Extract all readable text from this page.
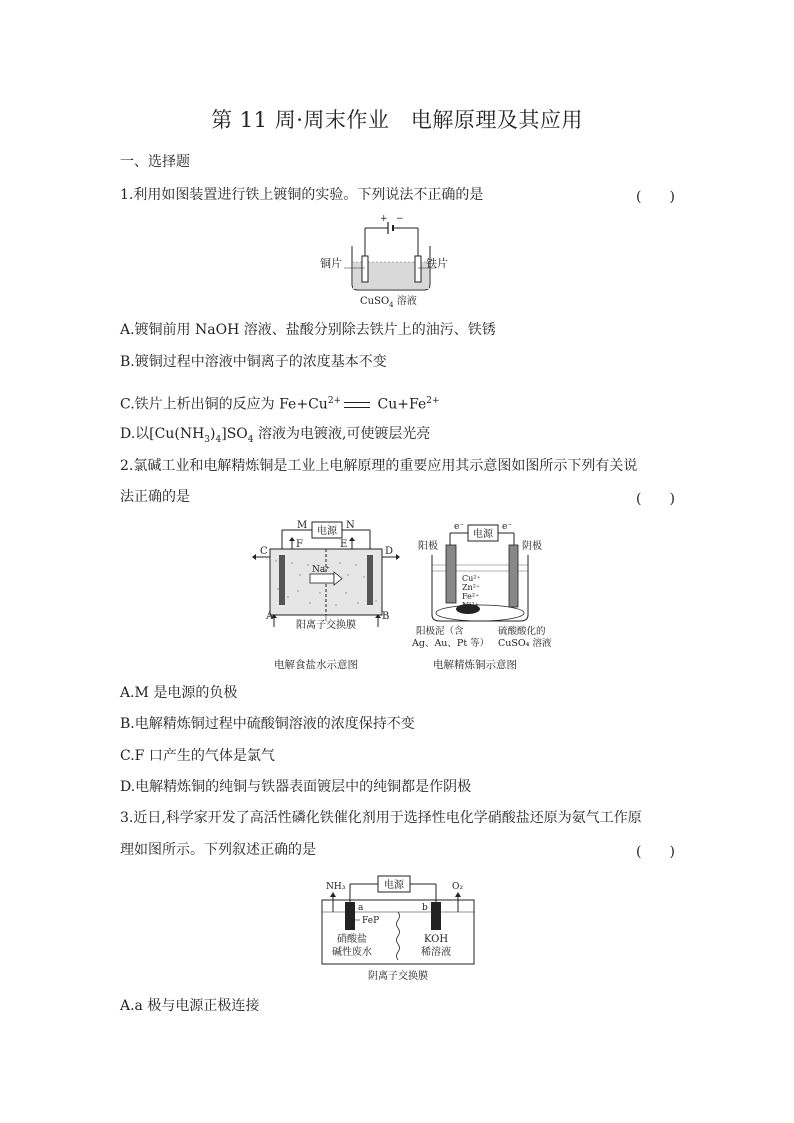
第 11 周·周末作业　电解原理及其应用
一、选择题
1.利用如图装置进行铁上镀铜的实验。下列说法不正确的是	(　　)
+ −
铜片	铁片
CuSO$_4$ 溶液
A.镀铜前用 NaOH 溶液、盐酸分别除去铁片上的油污、铁锈
B.镀铜过程中溶液中铜离子的浓度基本不变
C.铁片上析出铜的反应为 $Fe+Cu^{2+}$ $Cu+Fe^{2+}$
D.以$[Cu(NH_3)_4]SO_4$ 溶液为电镀液,可使镀层光亮
2.氯碱工业和电解精炼铜是工业上电解原理的重要应用其示意图如图所示下列有关说
法正确的是	(　　)
电源
M	N
C	D
F	E
Na⁺
A	B
阳离子交换膜
电解食盐水示意图
电源
e⁻	e⁻
阳极	阴极
Cu²⁺
Zn²⁺
Fe²⁺
Ni²⁺
阳极泥（含
Ag、Au、Pt 等）
硫酸酸化的
CuSO₄ 溶液
电解精炼铜示意图
A.M 是电源的负极
B.电解精炼铜过程中硫酸铜溶液的浓度保持不变
C.F 口产生的气体是氯气
D.电解精炼铜的纯铜与铁器表面镀层中的纯铜都是作阴极
3.近日,科学家开发了高活性磷化铁催化剂用于选择性电化学硝酸盐还原为氨气工作原
理如图所示。下列叙述正确的是	(　　)
电源
NH₃	O₂
a	b
FeP
硝酸盐
碱性废水
KOH
稀溶液
阴离子交换膜
A.a 极与电源正极连接
